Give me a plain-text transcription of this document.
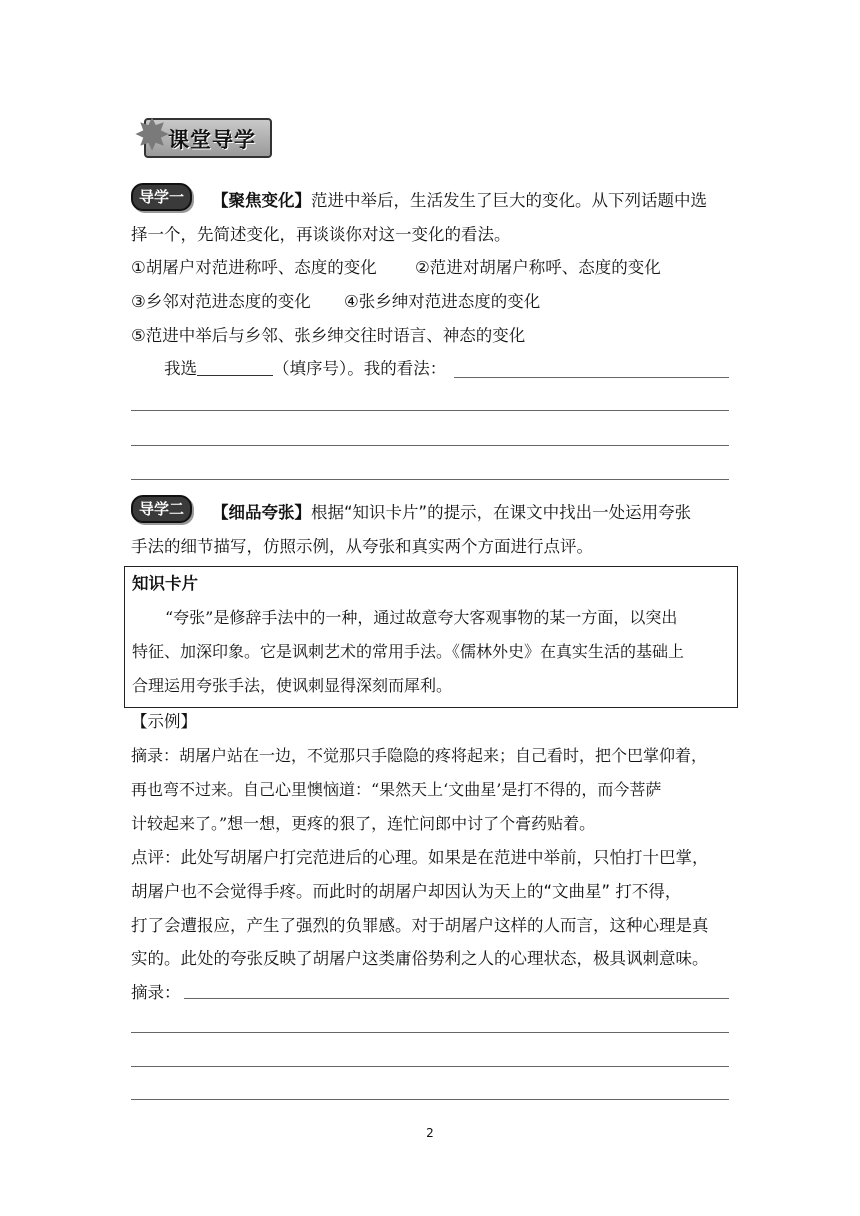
✸
课堂导学
导学一	【聚焦变化】范进中举后，生活发生了巨大的变化。从下列话题中选
择一个，先简述变化，再谈谈你对这一变化的看法。
①胡屠户对范进称呼、态度的变化 ②范进对胡屠户称呼、态度的变化
③乡邻对范进态度的变化 ④张乡绅对范进态度的变化
⑤范进中举后与乡邻、张乡绅交往时语言、神态的变化
我选	（填序号）。我的看法：
导学二	【细品夸张】根据“知识卡片”的提示，在课文中找出一处运用夸张
手法的细节描写，仿照示例，从夸张和真实两个方面进行点评。
知识卡片
“夸张”是修辞手法中的一种，通过故意夸大客观事物的某一方面，以突出
特征、加深印象。它是讽刺艺术的常用手法。《儒林外史》在真实生活的基础上
合理运用夸张手法，使讽刺显得深刻而犀利。
【示例】
摘录：胡屠户站在一边，不觉那只手隐隐的疼将起来；自己看时，把个巴掌仰着，
再也弯不过来。自己心里懊恼道：“果然天上‘文曲星’是打不得的，而今菩萨
计较起来了。”想一想，更疼的狠了，连忙问郎中讨了个膏药贴着。
点评：此处写胡屠户打完范进后的心理。如果是在范进中举前，只怕打十巴掌，
胡屠户也不会觉得手疼。而此时的胡屠户却因认为天上的“文曲星” 打不得，
打了会遭报应，产生了强烈的负罪感。对于胡屠户这样的人而言，这种心理是真
实的。此处的夸张反映了胡屠户这类庸俗势利之人的心理状态，极具讽刺意味。
摘录：
2
